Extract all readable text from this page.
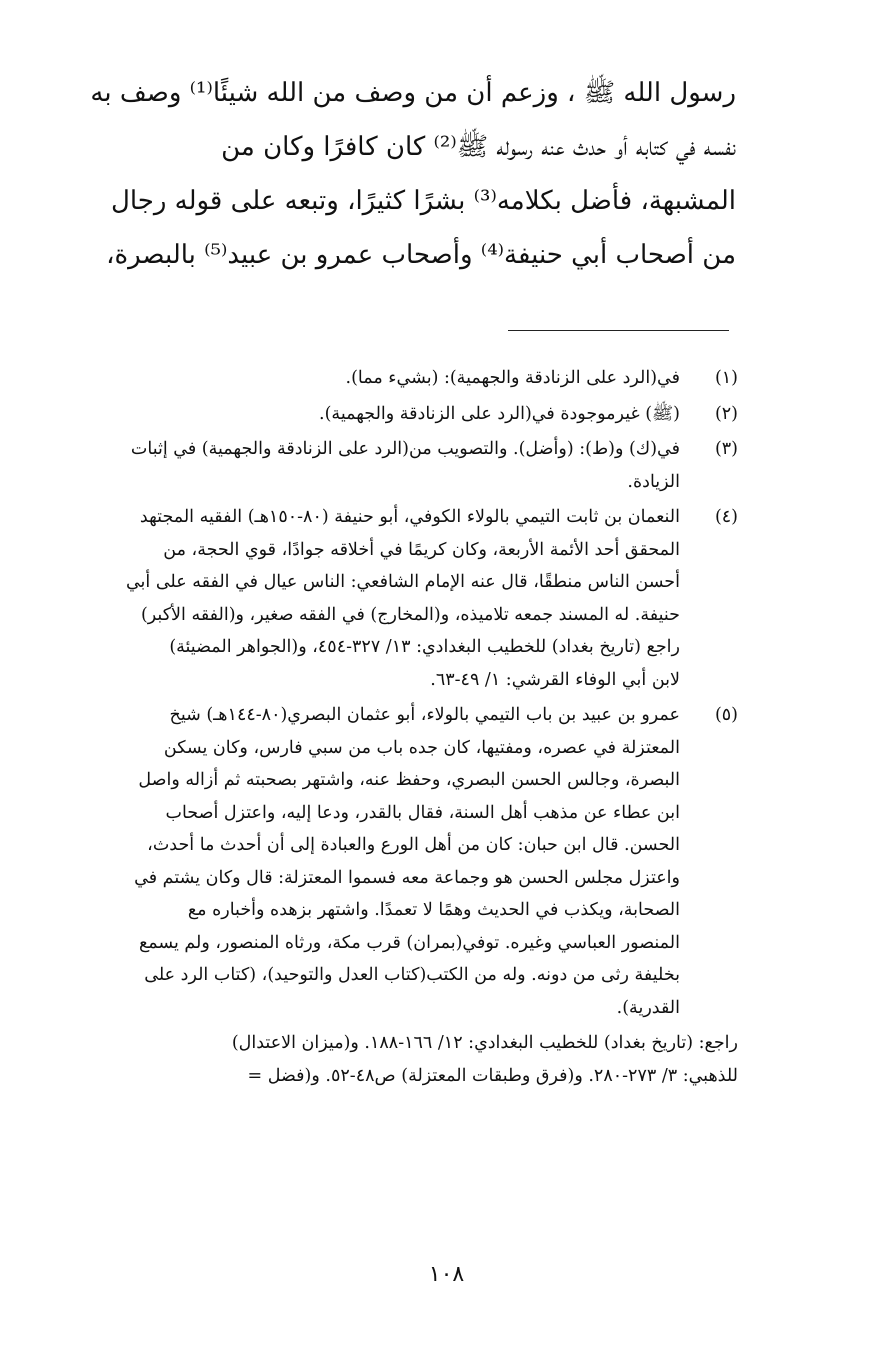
رسول الله ﷺ ، وزعم أن من وصف من الله شيئًا⁽¹⁾ وصف به
نفسه في كتابه أو حدث عنه رسوله ﷺ⁽²⁾ كان كافرًا وكان من
المشبهة، فأضل بكلامه⁽³⁾ بشرًا كثيرًا، وتبعه على قوله رجال
من أصحاب أبي حنيفة⁽⁴⁾ وأصحاب عمرو بن عبيد⁽⁵⁾ بالبصرة،
(١)
في(الرد على الزنادقة والجهمية): (بشيء مما).
(٢)
(ﷺ) غيرموجودة في(الرد على الزنادقة والجهمية).
(٣)
في(ك) و(ط): (وأضل). والتصويب من(الرد على الزنادقة والجهمية) في إثبات
الزيادة.
(٤)
النعمان بن ثابت التيمي بالولاء الكوفي، أبو حنيفة (٨٠-١٥٠هـ) الفقيه المجتهد
المحقق أحد الأئمة الأربعة، وكان كريمًا في أخلاقه جوادًا، قوي الحجة، من
أحسن الناس منطقًا، قال عنه الإمام الشافعي: الناس عيال في الفقه على أبي
حنيفة. له المسند جمعه تلاميذه، و(المخارج) في الفقه صغير، و(الفقه الأكبر)
راجع (تاريخ بغداد) للخطيب البغدادي: ١٣/ ٣٢٧-٤٥٤، و(الجواهر المضيئة)
لابن أبي الوفاء القرشي: ١/ ٤٩-٦٣.
(٥)
عمرو بن عبيد بن باب التيمي بالولاء، أبو عثمان البصري(٨٠-١٤٤هـ) شيخ
المعتزلة في عصره، ومفتيها، كان جده باب من سبي فارس، وكان يسكن
البصرة، وجالس الحسن البصري، وحفظ عنه، واشتهر بصحبته ثم أزاله واصل
ابن عطاء عن مذهب أهل السنة، فقال بالقدر، ودعا إليه، واعتزل أصحاب
الحسن. قال ابن حبان: كان من أهل الورع والعبادة إلى أن أحدث ما أحدث،
واعتزل مجلس الحسن هو وجماعة معه فسموا المعتزلة: قال وكان يشتم في
الصحابة، ويكذب في الحديث وهمًا لا تعمدًا. واشتهر بزهده وأخباره مع
المنصور العباسي وغيره. توفي(بمران) قرب مكة، ورثاه المنصور، ولم يسمع
بخليفة رثى من دونه. وله من الكتب(كتاب العدل والتوحيد)، (كتاب الرد على
القدرية).
راجع: (تاريخ بغداد) للخطيب البغدادي: ١٢/ ١٦٦-١٨٨. و(ميزان الاعتدال)
للذهبي: ٣/ ٢٧٣-٢٨٠. و(فرق وطبقات المعتزلة) ص٤٨-٥٢. و(فضل =
١٠٨
